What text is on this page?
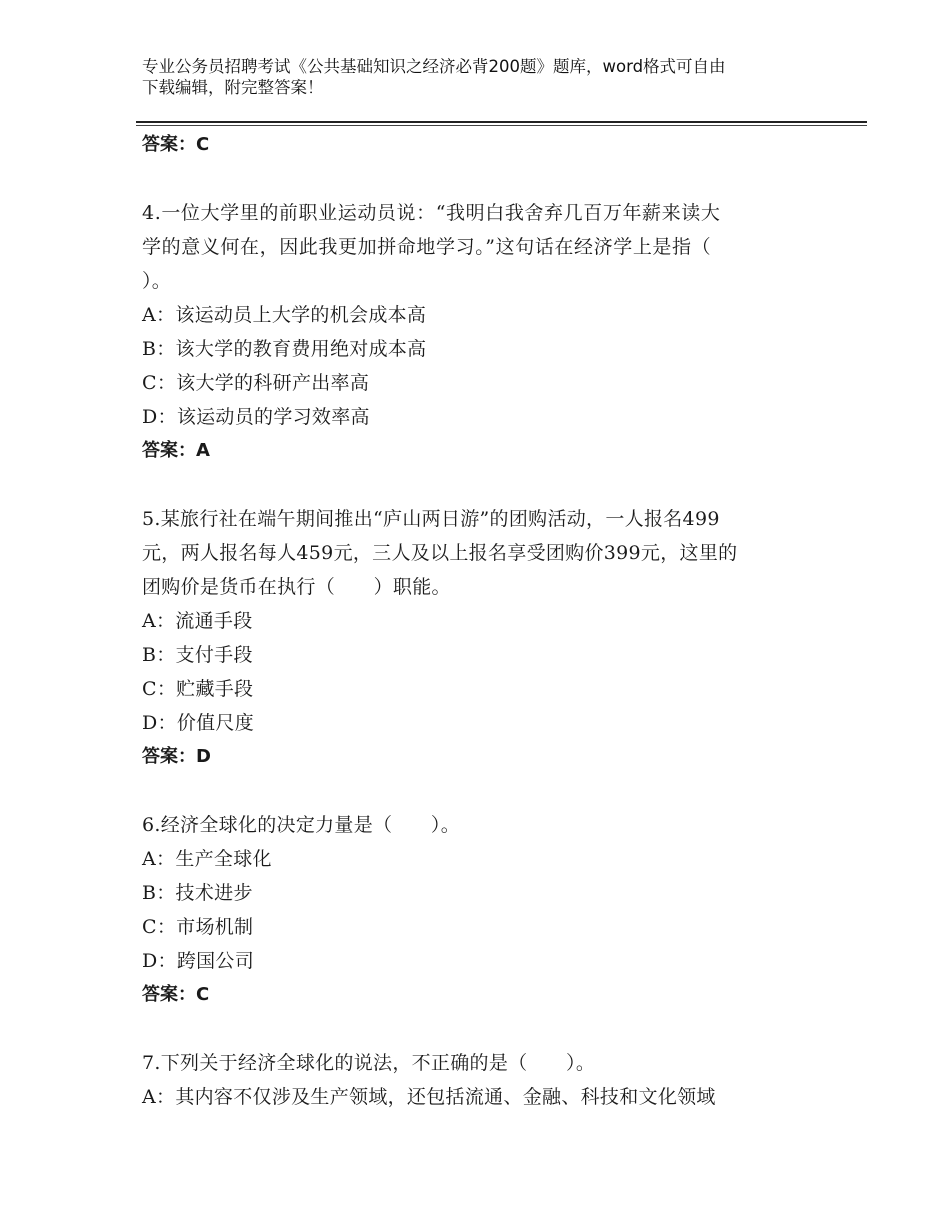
专业公务员招聘考试《公共基础知识之经济必背200题》题库，word格式可自由
下载编辑，附完整答案！
答案：C
4.一位大学里的前职业运动员说：“我明白我舍弃几百万年薪来读大
学的意义何在，因此我更加拼命地学习。”这句话在经济学上是指（
）。
A：该运动员上大学的机会成本高
B：该大学的教育费用绝对成本高
C：该大学的科研产出率高
D：该运动员的学习效率高
答案：A
5.某旅行社在端午期间推出“庐山两日游”的团购活动，一人报名499
元，两人报名每人459元，三人及以上报名享受团购价399元，这里的
团购价是货币在执行（　　）职能。
A：流通手段
B：支付手段
C：贮藏手段
D：价值尺度
答案：D
6.经济全球化的决定力量是（　　）。
A：生产全球化
B：技术进步
C：市场机制
D：跨国公司
答案：C
7.下列关于经济全球化的说法，不正确的是（　　）。
A：其内容不仅涉及生产领域，还包括流通、金融、科技和文化领域
